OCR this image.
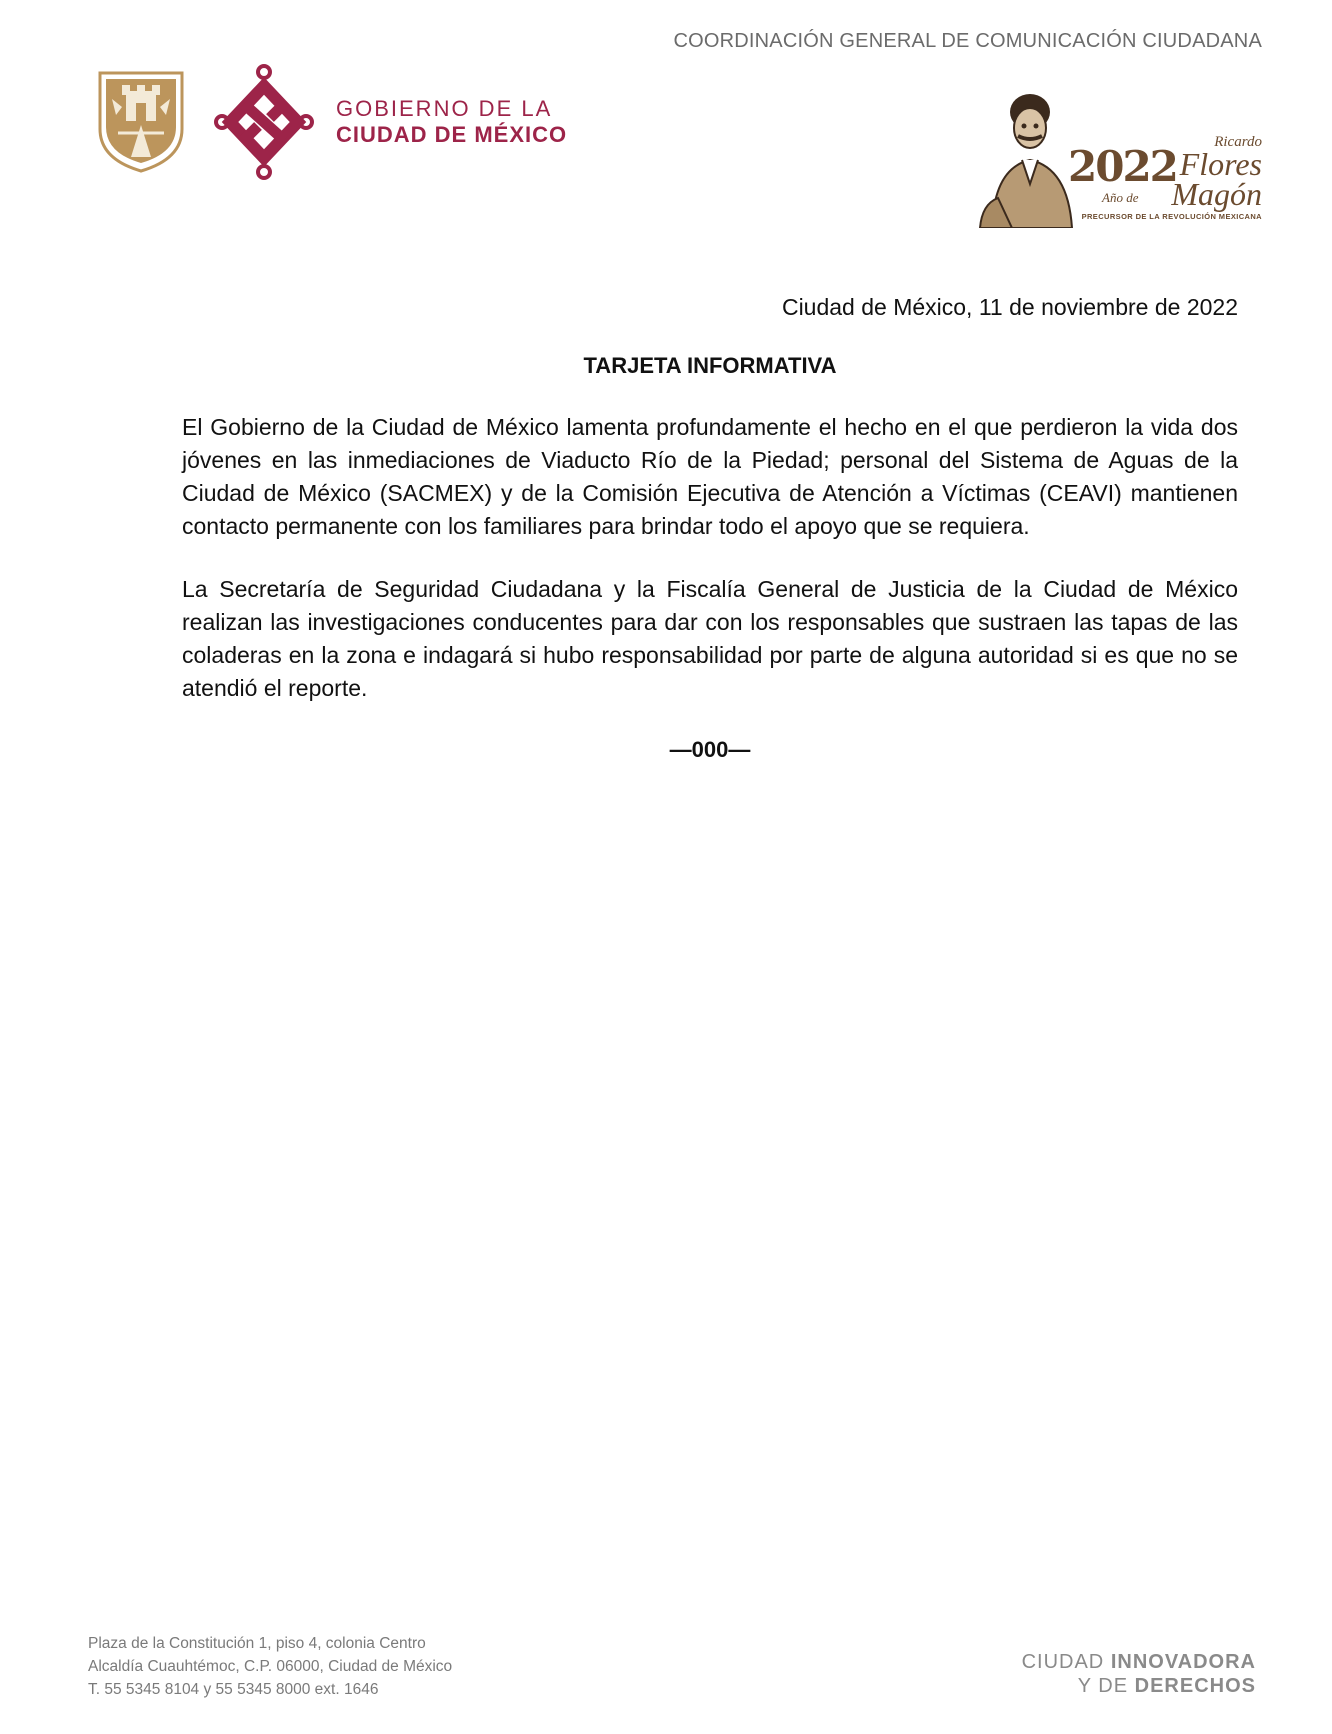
COORDINACIÓN GENERAL DE COMUNICACIÓN CIUDADANA
GOBIERNO DE LA
CIUDAD DE MÉXICO
2022 Ricardo
Flores
Año de Magón
PRECURSOR DE LA REVOLUCIÓN MEXICANA

Ciudad de México, 11 de noviembre de 2022

TARJETA INFORMATIVA

El Gobierno de la Ciudad de México lamenta profundamente el hecho en el que perdieron la vida dos jóvenes en las inmediaciones de Viaducto Río de la Piedad; personal del Sistema de Aguas de la Ciudad de México (SACMEX) y de la Comisión Ejecutiva de Atención a Víctimas (CEAVI) mantienen contacto permanente con los familiares para brindar todo el apoyo que se requiera.

La Secretaría de Seguridad Ciudadana y la Fiscalía General de Justicia de la Ciudad de México realizan las investigaciones conducentes para dar con los responsables que sustraen las tapas de las coladeras en la zona e indagará si hubo responsabilidad por parte de alguna autoridad si es que no se atendió el reporte.

—000—

Plaza de la Constitución 1, piso 4, colonia Centro
Alcaldía Cuauhtémoc, C.P. 06000, Ciudad de México
T. 55 5345 8104 y 55 5345 8000 ext. 1646
CIUDAD INNOVADORA
Y DE DERECHOS
